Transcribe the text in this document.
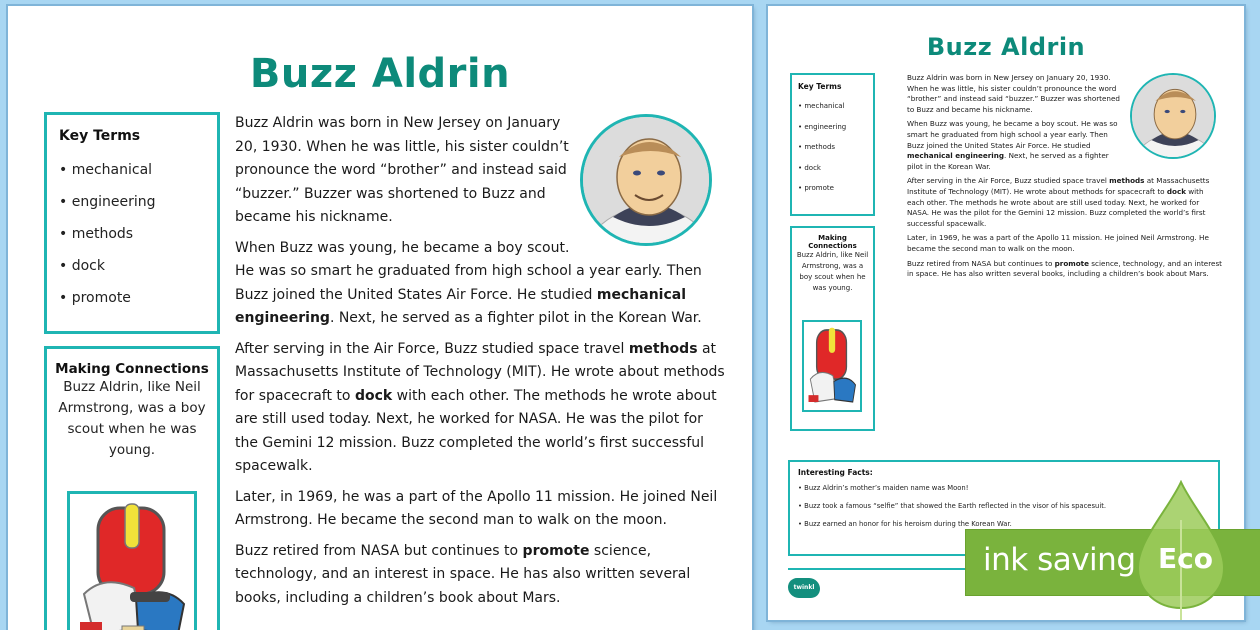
Buzz Aldrin
Key Terms
• mechanical
• engineering
• methods
• dock
• promote
Making Connections
Buzz Aldrin, like Neil Armstrong, was a boy scout when he was young.

Buzz Aldrin was born in New Jersey on January 20, 1930. When he was little, his sister couldn’t pronounce the word “brother” and instead said “buzzer.” Buzzer was shortened to Buzz and became his nickname.

When Buzz was young, he became a boy scout. He was so smart he graduated from high school a year early. Then Buzz joined the United States Air Force. He studied mechanical engineering. Next, he served as a fighter pilot in the Korean War.

After serving in the Air Force, Buzz studied space travel methods at Massachusetts Institute of Technology (MIT). He wrote about methods for spacecraft to dock with each other. The methods he wrote about are still used today. Next, he worked for NASA. He was the pilot for the Gemini 12 mission. Buzz completed the world’s first successful spacewalk.

Later, in 1969, he was a part of the Apollo 11 mission. He joined Neil Armstrong. He became the second man to walk on the moon.

Buzz retired from NASA but continues to promote science, technology, and an interest in space. He has also written several books, including a children’s book about Mars.

Buzz Aldrin
Key Terms
• mechanical
• engineering
• methods
• dock
• promote
Making Connections
Buzz Aldrin, like Neil Armstrong, was a boy scout when he was young.

Buzz Aldrin was born in New Jersey on January 20, 1930. When he was little, his sister couldn’t pronounce the word “brother” and instead said “buzzer.” Buzzer was shortened to Buzz and became his nickname.

When Buzz was young, he became a boy scout. He was so smart he graduated from high school a year early. Then Buzz joined the United States Air Force. He studied mechanical engineering. Next, he served as a fighter pilot in the Korean War.

After serving in the Air Force, Buzz studied space travel methods at Massachusetts Institute of Technology (MIT). He wrote about methods for spacecraft to dock with each other. The methods he wrote about are still used today. Next, he worked for NASA. He was the pilot for the Gemini 12 mission. Buzz completed the world’s first successful spacewalk.

Later, in 1969, he was a part of the Apollo 11 mission. He joined Neil Armstrong. He became the second man to walk on the moon.

Buzz retired from NASA but continues to promote science, technology, and an interest in space. He has also written several books, including a children’s book about Mars.

Interesting Facts:
• Buzz Aldrin’s mother’s maiden name was Moon!
• Buzz took a famous “selfie” that showed the Earth reflected in the visor of his spacesuit.
• Buzz earned an honor for his heroism during the Korean War.
twinkl
ink saving Eco
